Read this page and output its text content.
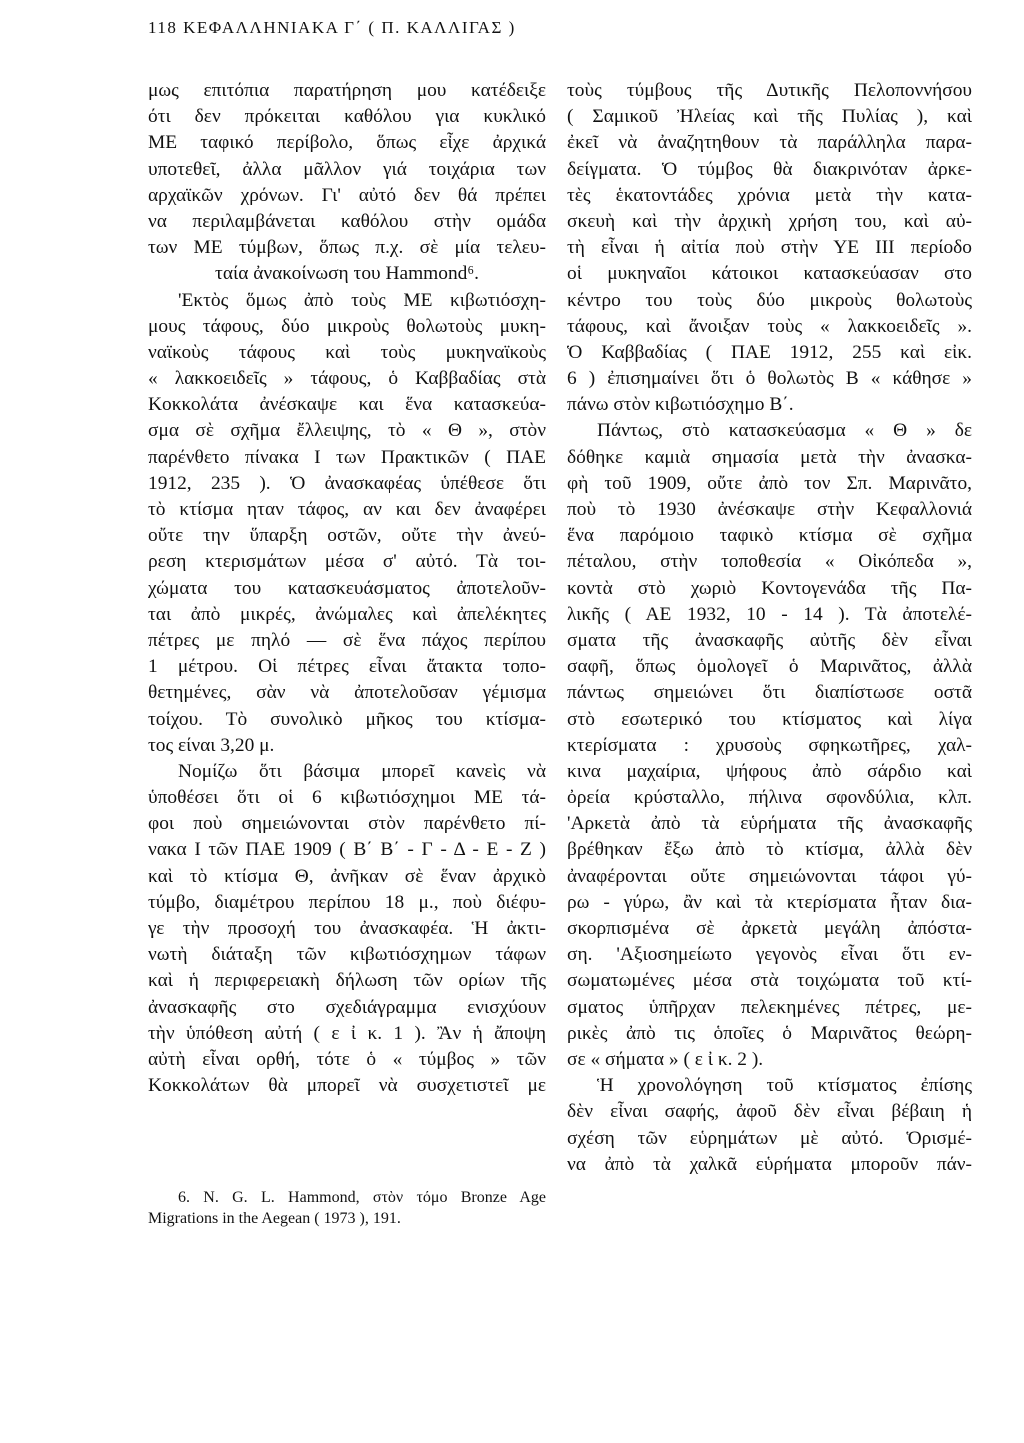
118 ΚΕΦΑΛΛΗΝΙΑΚΑ Γ΄ ( Π. ΚΑΛΛΙΓΑΣ )
μως επιτόπια παρατήρηση μου κατέδειξε
ότι δεν πρόκειται καθόλου για κυκλικό
ΜΕ ταφικό περίβολο, ὅπως εἶχε ἀρχικά
υποτεθεῖ, ἀλλα μᾶλλον γιά τοιχάρια των
αρχαϊκῶν χρόνων. Γι' αὐτό δεν θά πρέπει
να περιλαμβάνεται καθόλου στὴν ομάδα
των ΜΕ τύμβων, ὅπως π.χ. σὲ μία τελευ-
ταία ἀνακοίνωση του Hammond⁶.
'Εκτὸς ὅμως ἀπὸ τοὺς ΜΕ κιβωτιόσχη-
μους τάφους, δύο μικροὺς θολωτοὺς μυκη-
ναϊκοὺς τάφους καὶ τοὺς μυκηναϊκοὺς
« λακκοειδεῖς » τάφους, ὁ Καββαδίας στὰ
Κοκκολάτα ἀνέσκαψε και ἕνα κατασκεύα-
σμα σὲ σχῆμα ἔλλειψης, τὸ « Θ », στὸν
παρένθετο πίνακα Ι των Πρακτικῶν ( ΠΑΕ
1912, 235 ). Ὁ ἀνασκαφέας ὑπέθεσε ὅτι
τὸ κτίσμα ηταν τάφος, αν και δεν ἀναφέρει
οὔτε την ὕπαρξη οστῶν, οὔτε τὴν ἀνεύ-
ρεση κτερισμάτων μέσα σ' αὐτό. Τὰ τοι-
χώματα του κατασκευάσματος ἀποτελοῦν-
ται ἀπὸ μικρές, ἀνώμαλες καὶ ἀπελέκητες
πέτρες με πηλό — σὲ ἕνα πάχος περίπου
1 μέτρου. Οἱ πέτρες εἶναι ἄτακτα τοπο-
θετημένες, σὰν νὰ ἀποτελοῦσαν γέμισμα
τοίχου. Τὸ συνολικὸ μῆκος του κτίσμα-
τος είναι 3,20 μ.
Νομίζω ὅτι βάσιμα μπορεῖ κανεὶς νὰ
ὑποθέσει ὅτι οἱ 6 κιβωτιόσχημοι ΜΕ τά-
φοι ποὺ σημειώνονται στὸν παρένθετο πί-
νακα Ι τῶν ΠΑΕ 1909 ( Β΄ Β΄ - Γ - Δ - Ε - Ζ )
καὶ τὸ κτίσμα Θ, ἀνῆκαν σὲ ἕναν ἀρχικὸ
τύμβο, διαμέτρου περίπου 18 μ., ποὺ διέφυ-
γε τὴν προσοχή του ἀνασκαφέα. Ἡ ἀκτι-
νωτὴ διάταξη τῶν κιβωτιόσχημων τάφων
καὶ ἡ περιφερειακὴ δήλωση τῶν ορίων τῆς
ἀνασκαφῆς στο σχεδιάγραμμα ενισχύουν
τὴν ὑπόθεση αὐτή ( ε ἰ κ. 1 ). Ἂν ἡ ἄποψη
αὐτὴ εἶναι ορθή, τότε ὁ « τύμβος » τῶν
Κοκκολάτων θὰ μπορεῖ νὰ συσχετιστεῖ με
6. N. G. L. Hammond, στὸν τόμο Bronze Age
Migrations in the Aegean ( 1973 ), 191.
τοὺς τύμβους τῆς Δυτικῆς Πελοποννήσου
( Σαμικοῦ Ἠλείας καὶ τῆς Πυλίας ), καὶ
ἐκεῖ νὰ ἀναζητηθουν τὰ παράλληλα παρα-
δείγματα. Ὁ τύμβος θὰ διακρινόταν ἀρκε-
τὲς ἑκατοντάδες χρόνια μετὰ τὴν κατα-
σκευὴ καὶ τὴν ἀρχικὴ χρήση του, καὶ αὐ-
τὴ εἶναι ἡ αἰτία ποὺ στὴν ΥΕ ΙΙΙ περίοδο
οἱ μυκηναῖοι κάτοικοι κατασκεύασαν στο
κέντρο του τοὺς δύο μικροὺς θολωτοὺς
τάφους, καὶ ἄνοιξαν τοὺς « λακκοειδεῖς ».
Ὁ Καββαδίας ( ΠΑΕ 1912, 255 καὶ εἰκ.
6 ) ἐπισημαίνει ὅτι ὁ θολωτὸς Β « κάθησε »
πάνω στὸν κιβωτιόσχημο Β΄.
Πάντως, στὸ κατασκεύασμα « Θ » δε
δόθηκε καμιὰ σημασία μετὰ τὴν ἀνασκα-
φὴ τοῦ 1909, οὔτε ἀπὸ τον Σπ. Μαρινᾶτο,
ποὺ τὸ 1930 ἀνέσκαψε στὴν Κεφαλλονιά
ἕνα παρόμοιο ταφικὸ κτίσμα σὲ σχῆμα
πέταλου, στὴν τοποθεσία « Οἰκόπεδα »,
κοντὰ στὸ χωριὸ Κοντογενάδα τῆς Πα-
λικῆς ( ΑΕ 1932, 10 - 14 ). Τὰ ἀποτελέ-
σματα τῆς ἀνασκαφῆς αὐτῆς δὲν εἶναι
σαφῆ, ὅπως ὁμολογεῖ ὁ Μαρινᾶτος, ἀλλὰ
πάντως σημειώνει ὅτι διαπίστωσε οστᾶ
στὸ εσωτερικό του κτίσματος καὶ λίγα
κτερίσματα : χρυσοὺς σφηκωτῆρες, χαλ-
κινα μαχαίρια, ψήφους ἀπὸ σάρδιο καὶ
ὀρεία κρύσταλλο, πήλινα σφονδύλια, κλπ.
'Αρκετὰ ἀπὸ τὰ εὑρήματα τῆς ἀνασκαφῆς
βρέθηκαν ἔξω ἀπὸ τὸ κτίσμα, ἀλλὰ δὲν
ἀναφέρονται οὔτε σημειώνονται τάφοι γύ-
ρω - γύρω, ἂν καὶ τὰ κτερίσματα ἦταν δια-
σκορπισμένα σὲ ἀρκετὰ μεγάλη ἀπόστα-
ση. 'Αξιοσημείωτο γεγονὸς εἶναι ὅτι εν-
σωματωμένες μέσα στὰ τοιχώματα τοῦ κτί-
σματος ὑπῆρχαν πελεκημένες πέτρες, με-
ρικὲς ἀπὸ τις ὁποῖες ὁ Μαρινᾶτος θεώρη-
σε « σήματα » ( ε ἰ κ. 2 ).
Ἡ χρονολόγηση τοῦ κτίσματος ἐπίσης
δὲν εἶναι σαφής, ἀφοῦ δὲν εἶναι βέβαιη ἡ
σχέση τῶν εὑρημάτων μὲ αὐτό. Ὁρισμέ-
να ἀπὸ τὰ χαλκᾶ εὑρήματα μποροῦν πάν-
